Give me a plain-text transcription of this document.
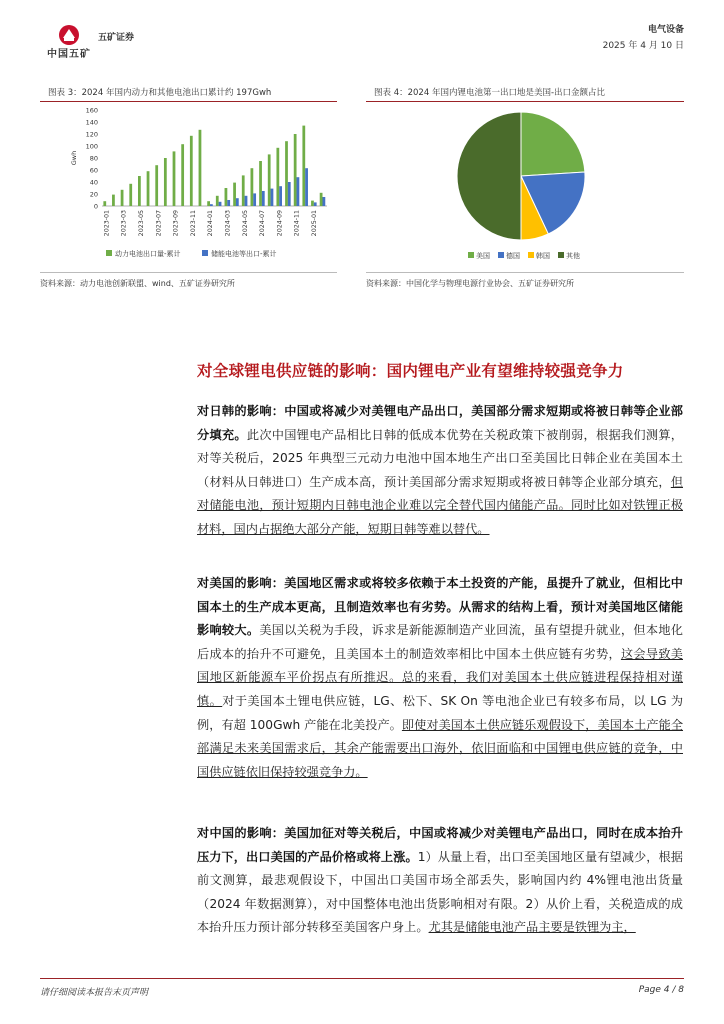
中国五矿
五矿证券
电气设备
2025 年 4 月 10 日
图表 3：2024 年国内动力和其他电池出口累计约 197Gwh	图表 4：2024 年国内锂电池第一出口地是美国-出口金额占比
0
20
40
60
80
100
120
140
160
Gwh
2023-01 2023-03 2023-05 2023-07 2023-09 2023-11 2024-01 2024-03 2024-05 2024-07 2024-09 2024-11 2025-01
动力电池出口量-累计	储能电池等出口-累计	美国 德国 韩国 其他
资料来源：动力电池创新联盟、wind、五矿证券研究所	资料来源：中国化学与物理电源行业协会、五矿证券研究所
对全球锂电供应链的影响：国内锂电产业有望维持较强竞争力
对日韩的影响：中国或将减少对美锂电产品出口，美国部分需求短期或将被日韩等企业部分填充。此次中国锂电产品相比日韩的低成本优势在关税政策下被削弱，根据我们测算，对等关税后，2025 年典型三元动力电池中国本地生产出口至美国比日韩企业在美国本土（材料从日韩进口）生产成本高，预计美国部分需求短期或将被日韩等企业部分填充，但对储能电池，预计短期内日韩电池企业难以完全替代国内储能产品。同时比如对铁锂正极材料，国内占据绝大部分产能，短期日韩等难以替代。
对美国的影响：美国地区需求或将较多依赖于本土投资的产能，虽提升了就业，但相比中国本土的生产成本更高，且制造效率也有劣势。从需求的结构上看，预计对美国地区储能影响较大。美国以关税为手段，诉求是新能源制造产业回流，虽有望提升就业，但本地化后成本的抬升不可避免，且美国本土的制造效率相比中国本土供应链有劣势，这会导致美国地区新能源车平价拐点有所推迟。总的来看，我们对美国本土供应链进程保持相对谨慎。对于美国本土锂电供应链，LG、松下、SK On 等电池企业已有较多布局，以 LG 为例，有超 100Gwh 产能在北美投产。即使对美国本土供应链乐观假设下，美国本土产能全部满足未来美国需求后，其余产能需要出口海外，依旧面临和中国锂电供应链的竞争，中国供应链依旧保持较强竞争力。
对中国的影响：美国加征对等关税后，中国或将减少对美锂电产品出口，同时在成本抬升压力下，出口美国的产品价格或将上涨。1）从量上看，出口至美国地区量有望减少，根据前文测算，最悲观假设下，中国出口美国市场全部丢失，影响国内约 4%锂电池出货量（2024 年数据测算），对中国整体电池出货影响相对有限。2）从价上看，关税造成的成本抬升压力预计部分转移至美国客户身上。尤其是储能电池产品主要是铁锂为主，
请仔细阅读本报告末页声明	Page 4 / 8
